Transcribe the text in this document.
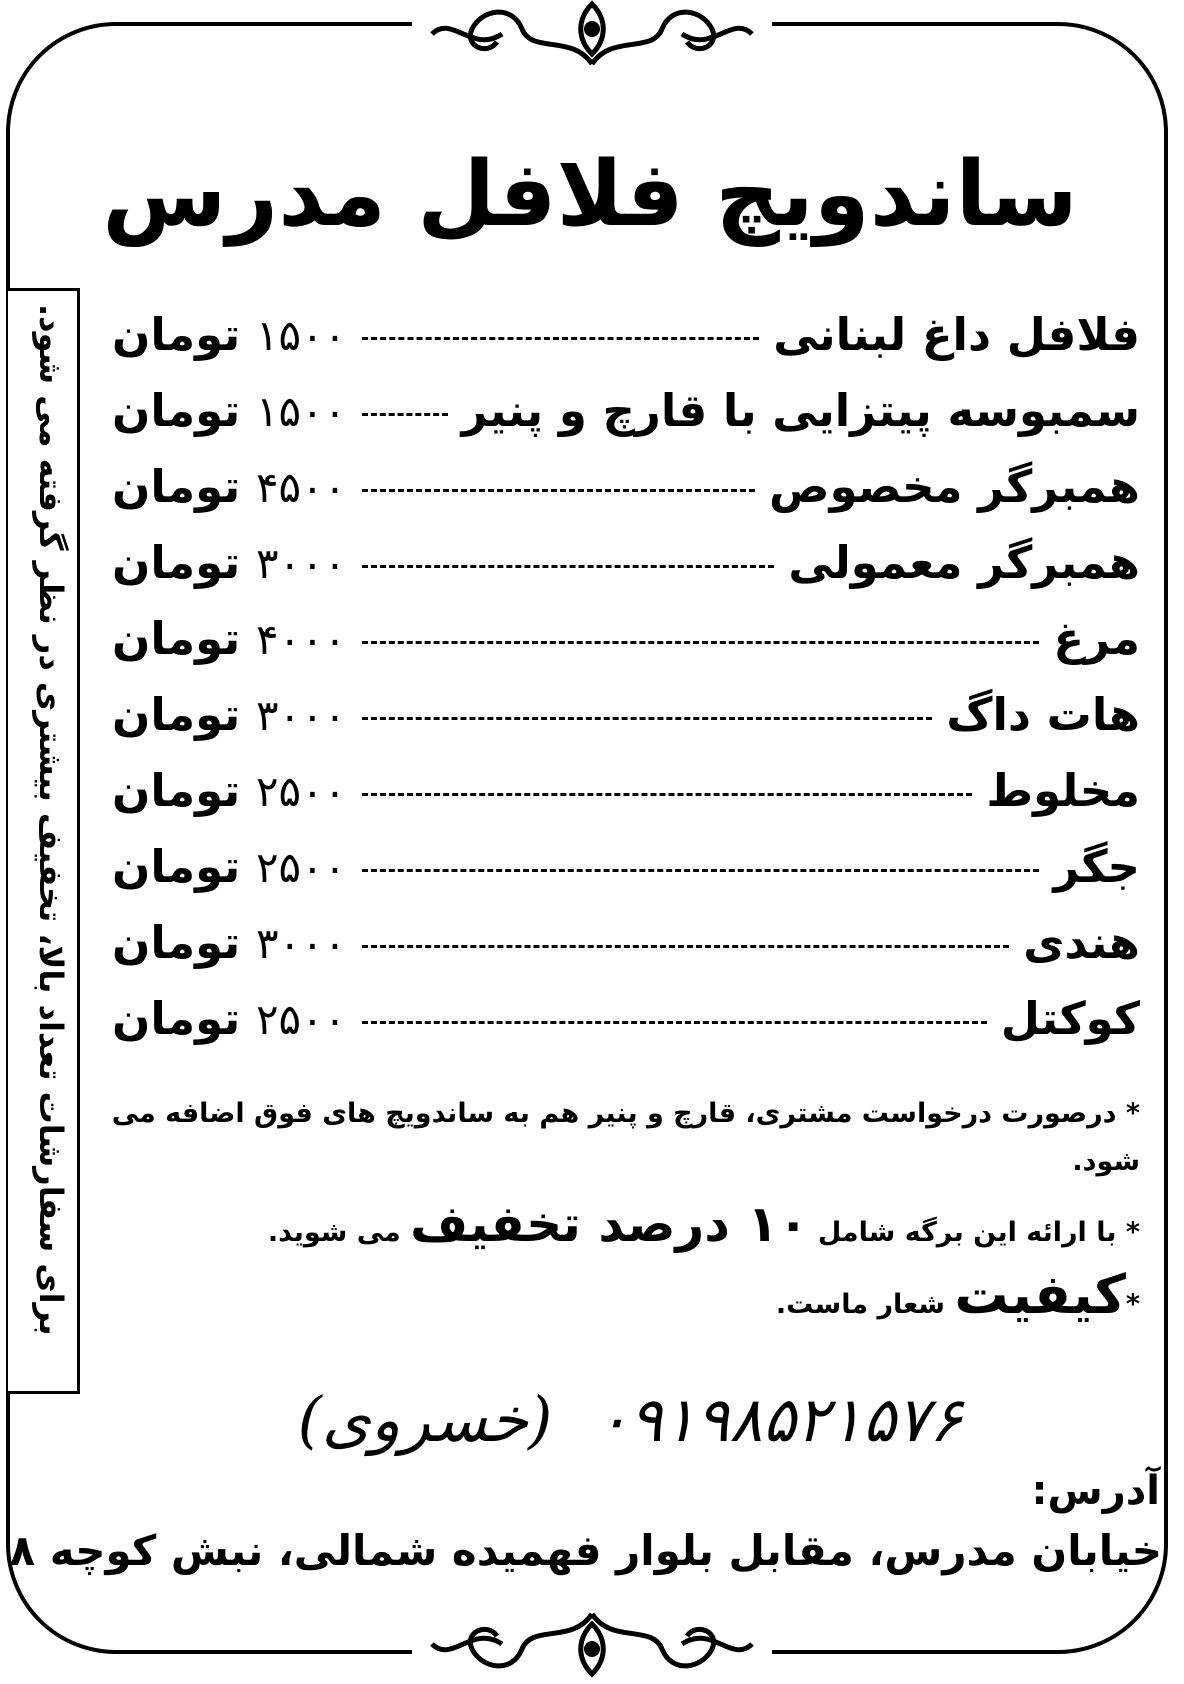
ساندویچ فلافل مدرس
برای سفارشات تعداد بالا، تخفیف بیشتری در نظر گرفته می شود.	فلافل داغ لبنانی
۱۵۰۰ تومان
سمبوسه پیتزایی با قارچ و پنیر
۱۵۰۰ تومان
همبرگر مخصوص
۴۵۰۰ تومان
همبرگر معمولی
۳۰۰۰ تومان
مرغ
۴۰۰۰ تومان
هات داگ
۳۰۰۰ تومان
مخلوط
۲۵۰۰ تومان
جگر
۲۵۰۰ تومان
هندی
۳۰۰۰ تومان
کوکتل
۲۵۰۰ تومان

* درصورت درخواست مشتری، قارچ و پنیر هم به ساندویچ های فوق اضافه می شود.

* با ارائه این برگه شامل ۱۰ درصد تخفیف می شوید.

*کیفیت شعار ماست.

۰۹۱۹۸۵۲۱۵۷۶ (خسروی)
آدرس:
خیابان مدرس، مقابل بلوار فهمیده شمالی، نبش کوچه ۸
